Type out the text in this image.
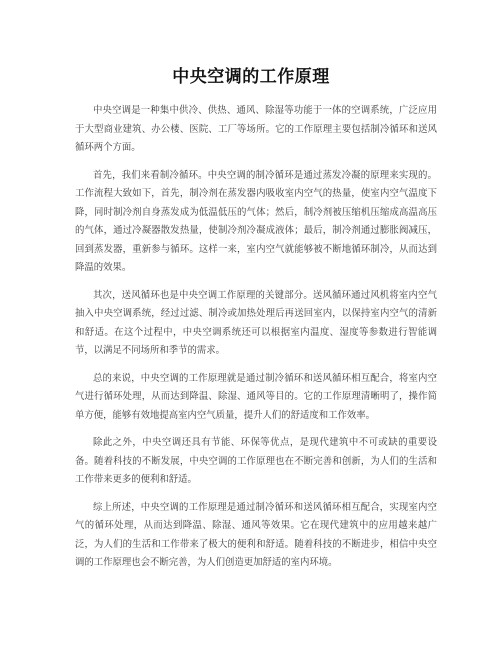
中央空调的工作原理

中央空调是一种集中供冷、供热、通风、除湿等功能于一体的空调系统，广泛应用于大型商业建筑、办公楼、医院、工厂等场所。它的工作原理主要包括制冷循环和送风循环两个方面。

首先，我们来看制冷循环。中央空调的制冷循环是通过蒸发冷凝的原理来实现的。工作流程大致如下，首先，制冷剂在蒸发器内吸收室内空气的热量，使室内空气温度下降，同时制冷剂自身蒸发成为低温低压的气体；然后，制冷剂被压缩机压缩成高温高压的气体，通过冷凝器散发热量，使制冷剂冷凝成液体；最后，制冷剂通过膨胀阀减压，回到蒸发器，重新参与循环。这样一来，室内空气就能够被不断地循环制冷，从而达到降温的效果。

其次，送风循环也是中央空调工作原理的关键部分。送风循环通过风机将室内空气抽入中央空调系统，经过过滤、制冷或加热处理后再送回室内，以保持室内空气的清新和舒适。在这个过程中，中央空调系统还可以根据室内温度、湿度等参数进行智能调节，以满足不同场所和季节的需求。

总的来说，中央空调的工作原理就是通过制冷循环和送风循环相互配合，将室内空气进行循环处理，从而达到降温、除湿、通风等目的。它的工作原理清晰明了，操作简单方便，能够有效地提高室内空气质量，提升人们的舒适度和工作效率。

除此之外，中央空调还具有节能、环保等优点，是现代建筑中不可或缺的重要设备。随着科技的不断发展，中央空调的工作原理也在不断完善和创新，为人们的生活和工作带来更多的便利和舒适。

综上所述，中央空调的工作原理是通过制冷循环和送风循环相互配合，实现室内空气的循环处理，从而达到降温、除湿、通风等效果。它在现代建筑中的应用越来越广泛，为人们的生活和工作带来了极大的便利和舒适。随着科技的不断进步，相信中央空调的工作原理也会不断完善，为人们创造更加舒适的室内环境。
